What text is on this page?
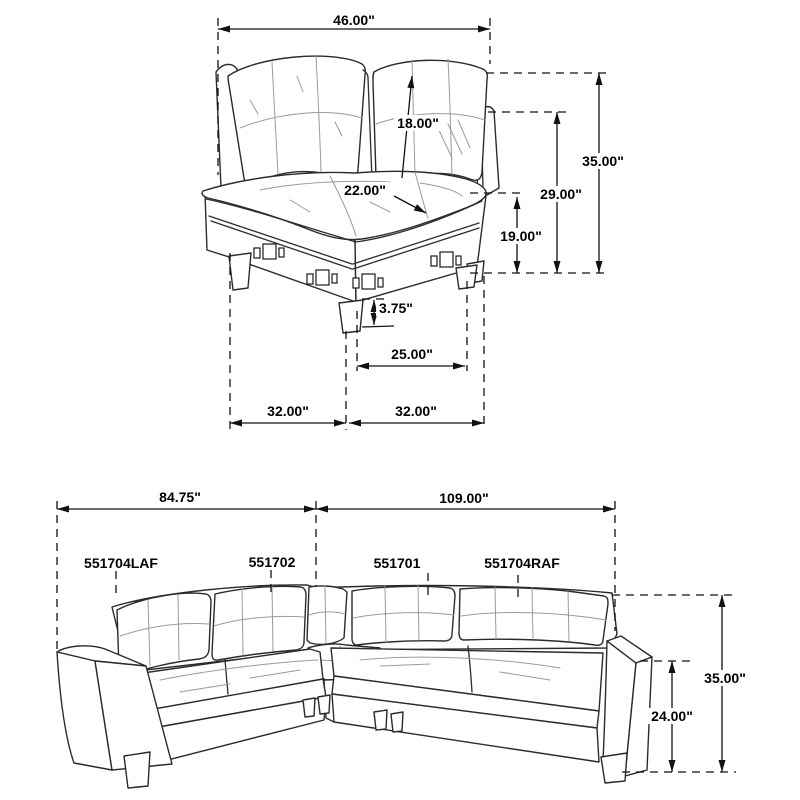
46.00"
18.00"
22.00"
35.00"
29.00"
19.00"
3.75"
25.00"
32.00"	32.00"
84.75"	109.00"
551704LAF	551702	551701	551704RAF
35.00"
24.00"
